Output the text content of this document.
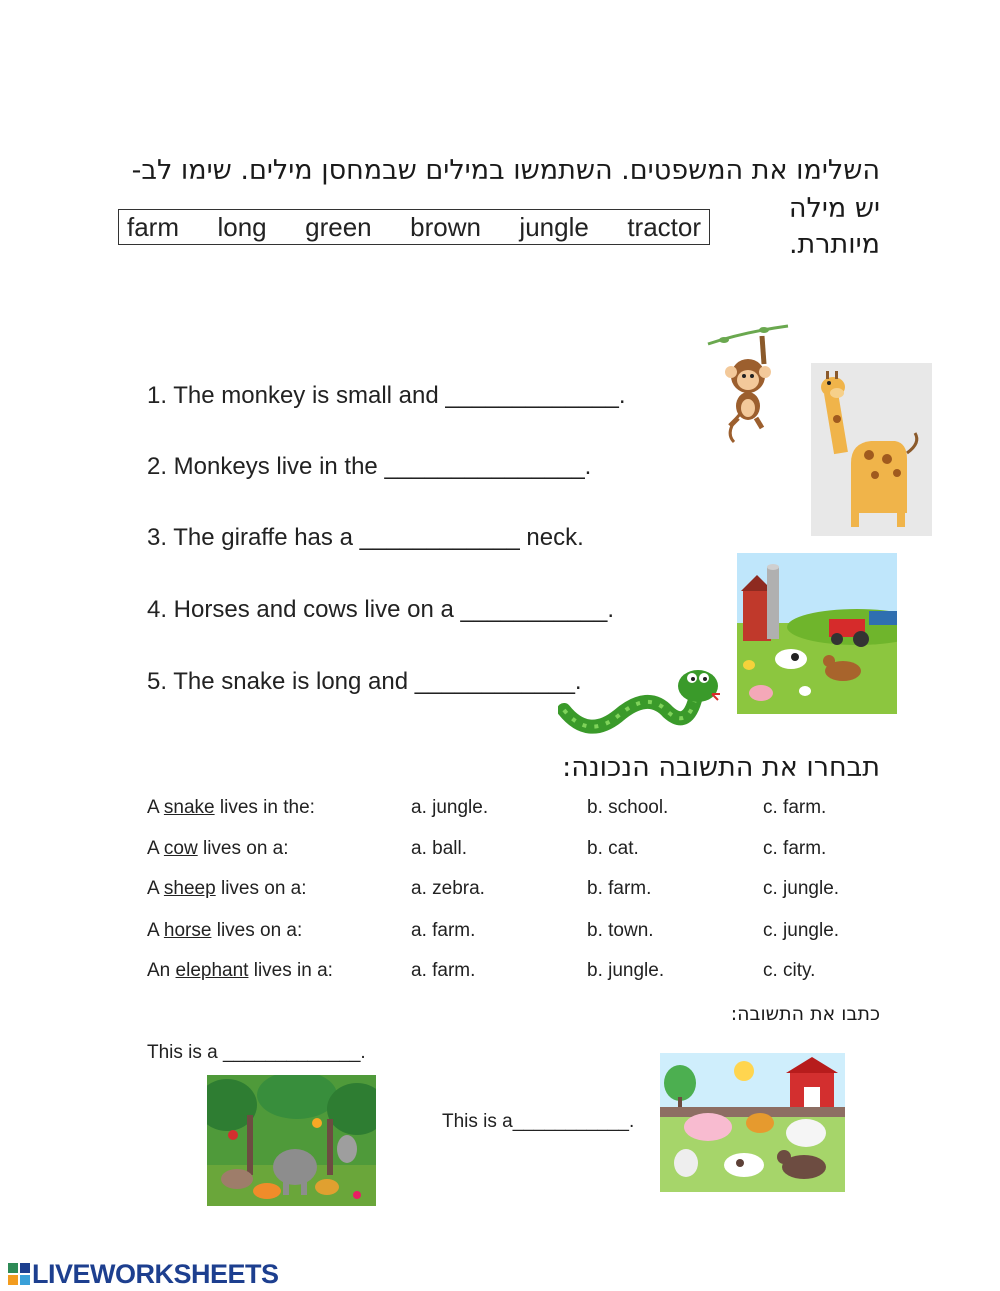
השלימו את המשפטים. השתמשו במילים שבמחסן מילים. שימו לב-
יש מילה
מיותרת.
farm long green brown jungle tractor
1. The monkey is small and _____________.
2. Monkeys live in the _______________.
3. The giraffe has a ____________ neck.
4. Horses and cows live on a ___________.
5. The snake is long and ____________.
תבחרו את התשובה הנכונה:
A snake lives in the:	a. jungle.	b. school.	c. farm.
A cow lives on a:	a. ball.	b. cat.	c. farm.
A sheep lives on a:	a. zebra.	b. farm.	c. jungle.
A horse lives on a:	a. farm.	b. town.	c. jungle.
An elephant lives in a:	a. farm.	b. jungle.	c. city.
כתבו את התשובה:
This is a _____________.
This is a___________.
LIVEWORKSHEETS
